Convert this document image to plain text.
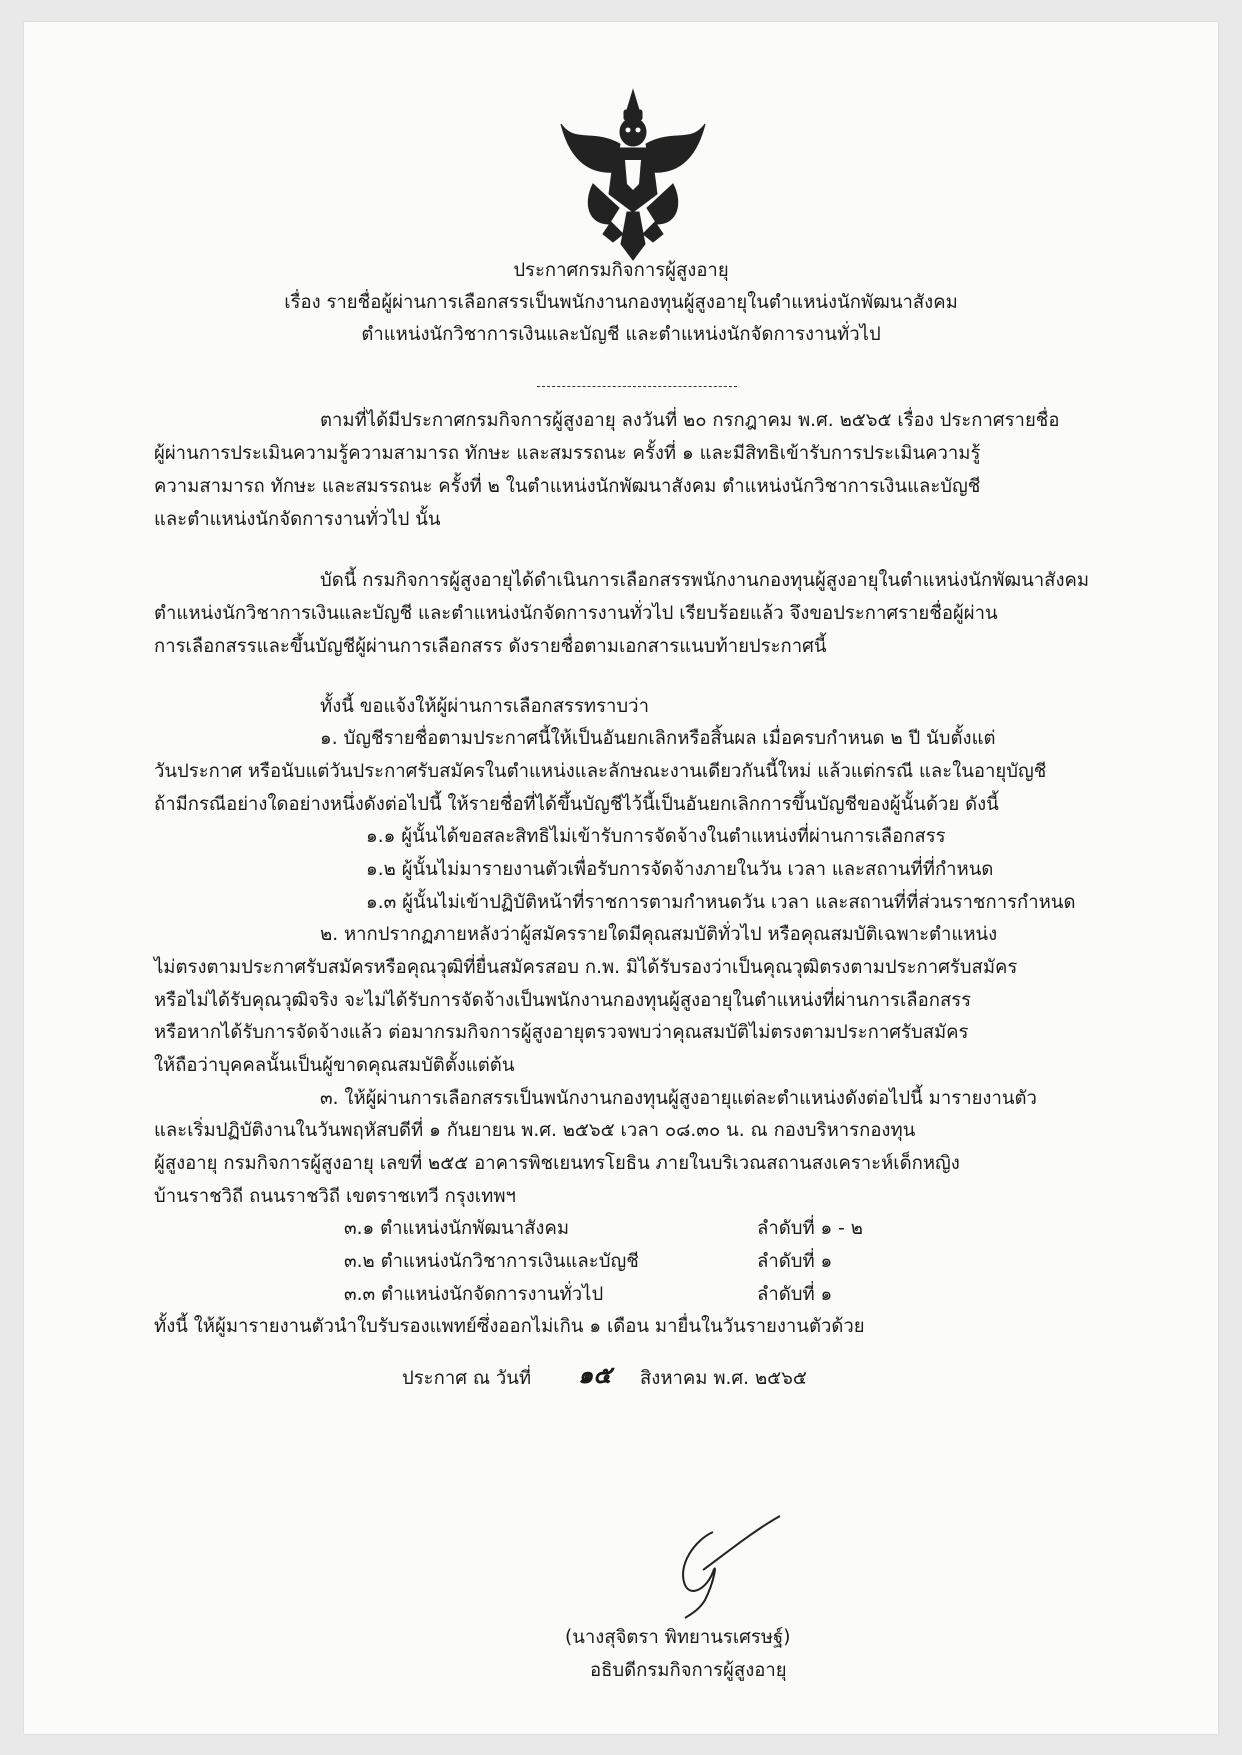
ประกาศกรมกิจการผู้สูงอายุ
เรื่อง รายชื่อผู้ผ่านการเลือกสรรเป็นพนักงานกองทุนผู้สูงอายุในตำแหน่งนักพัฒนาสังคม
ตำแหน่งนักวิชาการเงินและบัญชี และตำแหน่งนักจัดการงานทั่วไป
ตามที่ได้มีประกาศกรมกิจการผู้สูงอายุ ลงวันที่ ๒๐ กรกฎาคม พ.ศ. ๒๕๖๕ เรื่อง ประกาศรายชื่อ
ผู้ผ่านการประเมินความรู้ความสามารถ ทักษะ และสมรรถนะ ครั้งที่ ๑ และมีสิทธิเข้ารับการประเมินความรู้
ความสามารถ ทักษะ และสมรรถนะ ครั้งที่ ๒ ในตำแหน่งนักพัฒนาสังคม ตำแหน่งนักวิชาการเงินและบัญชี
และตำแหน่งนักจัดการงานทั่วไป นั้น
บัดนี้ กรมกิจการผู้สูงอายุได้ดำเนินการเลือกสรรพนักงานกองทุนผู้สูงอายุในตำแหน่งนักพัฒนาสังคม
ตำแหน่งนักวิชาการเงินและบัญชี และตำแหน่งนักจัดการงานทั่วไป เรียบร้อยแล้ว จึงขอประกาศรายชื่อผู้ผ่าน
การเลือกสรรและขึ้นบัญชีผู้ผ่านการเลือกสรร ดังรายชื่อตามเอกสารแนบท้ายประกาศนี้
ทั้งนี้ ขอแจ้งให้ผู้ผ่านการเลือกสรรทราบว่า
๑. บัญชีรายชื่อตามประกาศนี้ให้เป็นอันยกเลิกหรือสิ้นผล เมื่อครบกำหนด ๒ ปี นับตั้งแต่
วันประกาศ หรือนับแต่วันประกาศรับสมัครในตำแหน่งและลักษณะงานเดียวกันนี้ใหม่ แล้วแต่กรณี และในอายุบัญชี
ถ้ามีกรณีอย่างใดอย่างหนึ่งดังต่อไปนี้ ให้รายชื่อที่ได้ขึ้นบัญชีไว้นี้เป็นอันยกเลิกการขึ้นบัญชีของผู้นั้นด้วย ดังนี้
๑.๑ ผู้นั้นได้ขอสละสิทธิไม่เข้ารับการจัดจ้างในตำแหน่งที่ผ่านการเลือกสรร
๑.๒ ผู้นั้นไม่มารายงานตัวเพื่อรับการจัดจ้างภายในวัน เวลา และสถานที่ที่กำหนด
๑.๓ ผู้นั้นไม่เข้าปฏิบัติหน้าที่ราชการตามกำหนดวัน เวลา และสถานที่ที่ส่วนราชการกำหนด
๒. หากปรากฏภายหลังว่าผู้สมัครรายใดมีคุณสมบัติทั่วไป หรือคุณสมบัติเฉพาะตำแหน่ง
ไม่ตรงตามประกาศรับสมัครหรือคุณวุฒิที่ยื่นสมัครสอบ ก.พ. มิได้รับรองว่าเป็นคุณวุฒิตรงตามประกาศรับสมัคร
หรือไม่ได้รับคุณวุฒิจริง จะไม่ได้รับการจัดจ้างเป็นพนักงานกองทุนผู้สูงอายุในตำแหน่งที่ผ่านการเลือกสรร
หรือหากได้รับการจัดจ้างแล้ว ต่อมากรมกิจการผู้สูงอายุตรวจพบว่าคุณสมบัติไม่ตรงตามประกาศรับสมัคร
ให้ถือว่าบุคคลนั้นเป็นผู้ขาดคุณสมบัติตั้งแต่ต้น
๓. ให้ผู้ผ่านการเลือกสรรเป็นพนักงานกองทุนผู้สูงอายุแต่ละตำแหน่งดังต่อไปนี้ มารายงานตัว
และเริ่มปฏิบัติงานในวันพฤหัสบดีที่ ๑ กันยายน พ.ศ. ๒๕๖๕ เวลา ๐๘.๓๐ น. ณ กองบริหารกองทุน
ผู้สูงอายุ กรมกิจการผู้สูงอายุ เลขที่ ๒๕๕ อาคารพิชเยนทรโยธิน ภายในบริเวณสถานสงเคราะห์เด็กหญิง
บ้านราชวิถี ถนนราชวิถี เขตราชเทวี กรุงเทพฯ
๓.๑ ตำแหน่งนักพัฒนาสังคม	ลำดับที่ ๑ - ๒
๓.๒ ตำแหน่งนักวิชาการเงินและบัญชี	ลำดับที่ ๑
๓.๓ ตำแหน่งนักจัดการงานทั่วไป	ลำดับที่ ๑
ทั้งนี้ ให้ผู้มารายงานตัวนำใบรับรองแพทย์ซึ่งออกไม่เกิน ๑ เดือน มายื่นในวันรายงานตัวด้วย
ประกาศ ณ วันที่ ๑๕ สิงหาคม พ.ศ. ๒๕๖๕
(นางสุจิตรา พิทยานรเศรษฐ์)
อธิบดีกรมกิจการผู้สูงอายุ
